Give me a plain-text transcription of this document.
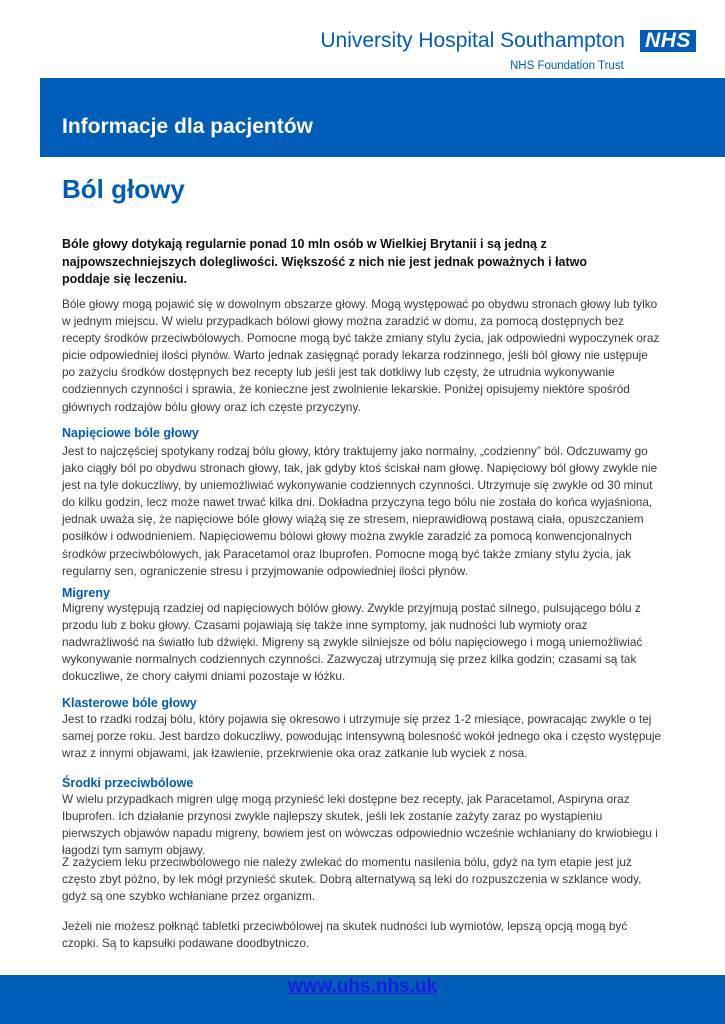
University Hospital Southampton
NHS Foundation Trust
NHS
Informacje dla pacjentów
Ból głowy

Bóle głowy dotykają regularnie ponad 10 mln osób w Wielkiej Brytanii i są jedną z najpowszechniejszych dolegliwości. Większość z nich nie jest jednak poważnych i łatwo poddaje się leczeniu.

Bóle głowy mogą pojawić się w dowolnym obszarze głowy. Mogą występować po obydwu stronach głowy lub tylko w jednym miejscu. W wielu przypadkach bólowi głowy można zaradzić w domu, za pomocą dostępnych bez recepty środków przeciwbólowych. Pomocne mogą być także zmiany stylu życia, jak odpowiedni wypoczynek oraz picie odpowiedniej ilości płynów. Warto jednak zasięgnąć porady lekarza rodzinnego, jeśli ból głowy nie ustępuje po zażyciu środków dostępnych bez recepty lub jeśli jest tak dotkliwy lub częsty, że utrudnia wykonywanie codziennych czynności i sprawia, że konieczne jest zwolnienie lekarskie. Poniżej opisujemy niektóre spośród głównych rodzajów bólu głowy oraz ich częste przyczyny.

Napięciowe bóle głowy

Jest to najczęściej spotykany rodzaj bólu głowy, który traktujemy jako normalny, „codzienny” ból. Odczuwamy go jako ciągły ból po obydwu stronach głowy, tak, jak gdyby ktoś ściskał nam głowę. Napięciowy ból głowy zwykle nie jest na tyle dokuczliwy, by uniemożliwiać wykonywanie codziennych czynności. Utrzymuje się zwykle od 30 minut do kilku godzin, lecz może nawet trwać kilka dni. Dokładna przyczyna tego bólu nie została do końca wyjaśniona, jednak uważa się, że napięciowe bóle głowy wiążą się ze stresem, nieprawidłową postawą ciała, opuszczaniem posiłków i odwodnieniem. Napięciowemu bólowi głowy można zwykle zaradzić za pomocą konwencjonalnych środków przeciwbólowych, jak Paracetamol oraz Ibuprofen. Pomocne mogą być także zmiany stylu życia, jak regularny sen, ograniczenie stresu i przyjmowanie odpowiedniej ilości płynów.

Migreny

Migreny występują rzadziej od napięciowych bólów głowy. Zwykle przyjmują postać silnego, pulsującego bólu z przodu lub z boku głowy. Czasami pojawiają się także inne symptomy, jak nudności lub wymioty oraz nadwrażliwość na światło lub dźwięki. Migreny są zwykle silniejsze od bólu napięciowego i mogą uniemożliwiać wykonywanie normalnych codziennych czynności. Zazwyczaj utrzymują się przez kilka godzin; czasami są tak dokuczliwe, że chory całymi dniami pozostaje w łóżku.

Klasterowe bóle głowy

Jest to rzadki rodzaj bólu, który pojawia się okresowo i utrzymuje się przez 1-2 miesiące, powracając zwykle o tej samej porze roku. Jest bardzo dokuczliwy, powodując intensywną bolesność wokół jednego oka i często występuje wraz z innymi objawami, jak łzawienie, przekrwienie oka oraz zatkanie lub wyciek z nosa.

Środki przeciwbólowe

W wielu przypadkach migren ulgę mogą przynieść leki dostępne bez recepty, jak Paracetamol, Aspiryna oraz Ibuprofen. Ich działanie przynosi zwykle najlepszy skutek, jeśli lek zostanie zażyty zaraz po wystąpieniu pierwszych objawów napadu migreny, bowiem jest on wówczas odpowiednio wcześnie wchłaniany do krwiobiegu i łagodzi tym samym objawy.

Z zażyciem leku przeciwbólowego nie należy zwlekać do momentu nasilenia bólu, gdyż na tym etapie jest już często zbyt późno, by lek mógł przynieść skutek. Dobrą alternatywą są leki do rozpuszczenia w szklance wody, gdyż są one szybko wchłaniane przez organizm.

Jeżeli nie możesz połknąć tabletki przeciwbólowej na skutek nudności lub wymiotów, lepszą opcją mogą być czopki. Są to kapsułki podawane doodbytniczo.

www.uhs.nhs.uk
